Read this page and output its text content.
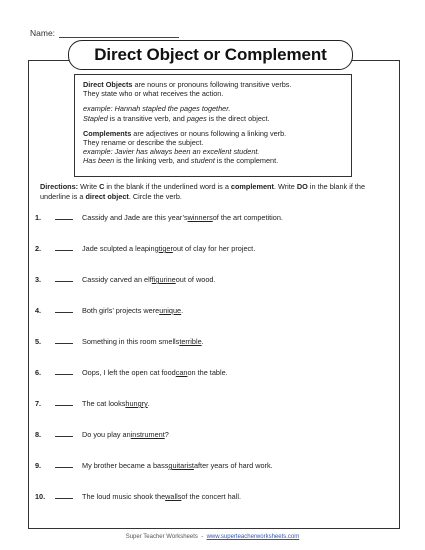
Name:
Direct Object or Complement

Direct Objects are nouns or pronouns following transitive verbs.

They state who or what receives the action.

example: Hannah stapled the pages together.

Stapled is a transitive verb, and pages is the direct object.

Complements are adjectives or nouns following a linking verb.

They rename or describe the subject.

example: Javier has always been an excellent student.

Has been is the linking verb, and student is the complement.

Directions: Write C in the blank if the underlined word is a complement. Write DO in the blank if the underline is a direct object. Circle the verb.
1.	Cassidy and Jade are this year’s winners of the art competition.
2.	Jade sculpted a leaping tiger out of clay for her project.
3.	Cassidy carved an elf figurine out of wood.
4.	Both girls’ projects were unique .
5.	Something in this room smells terrible .
6.	Oops, I left the open cat food can on the table.
7.	The cat looks hungry .
8.	Do you play an instrument ?
9.	My brother became a bass guitarist after years of hard work.
10.	The loud music shook the walls of the concert hall.
Super Teacher Worksheets - www.superteacherworksheets.com
